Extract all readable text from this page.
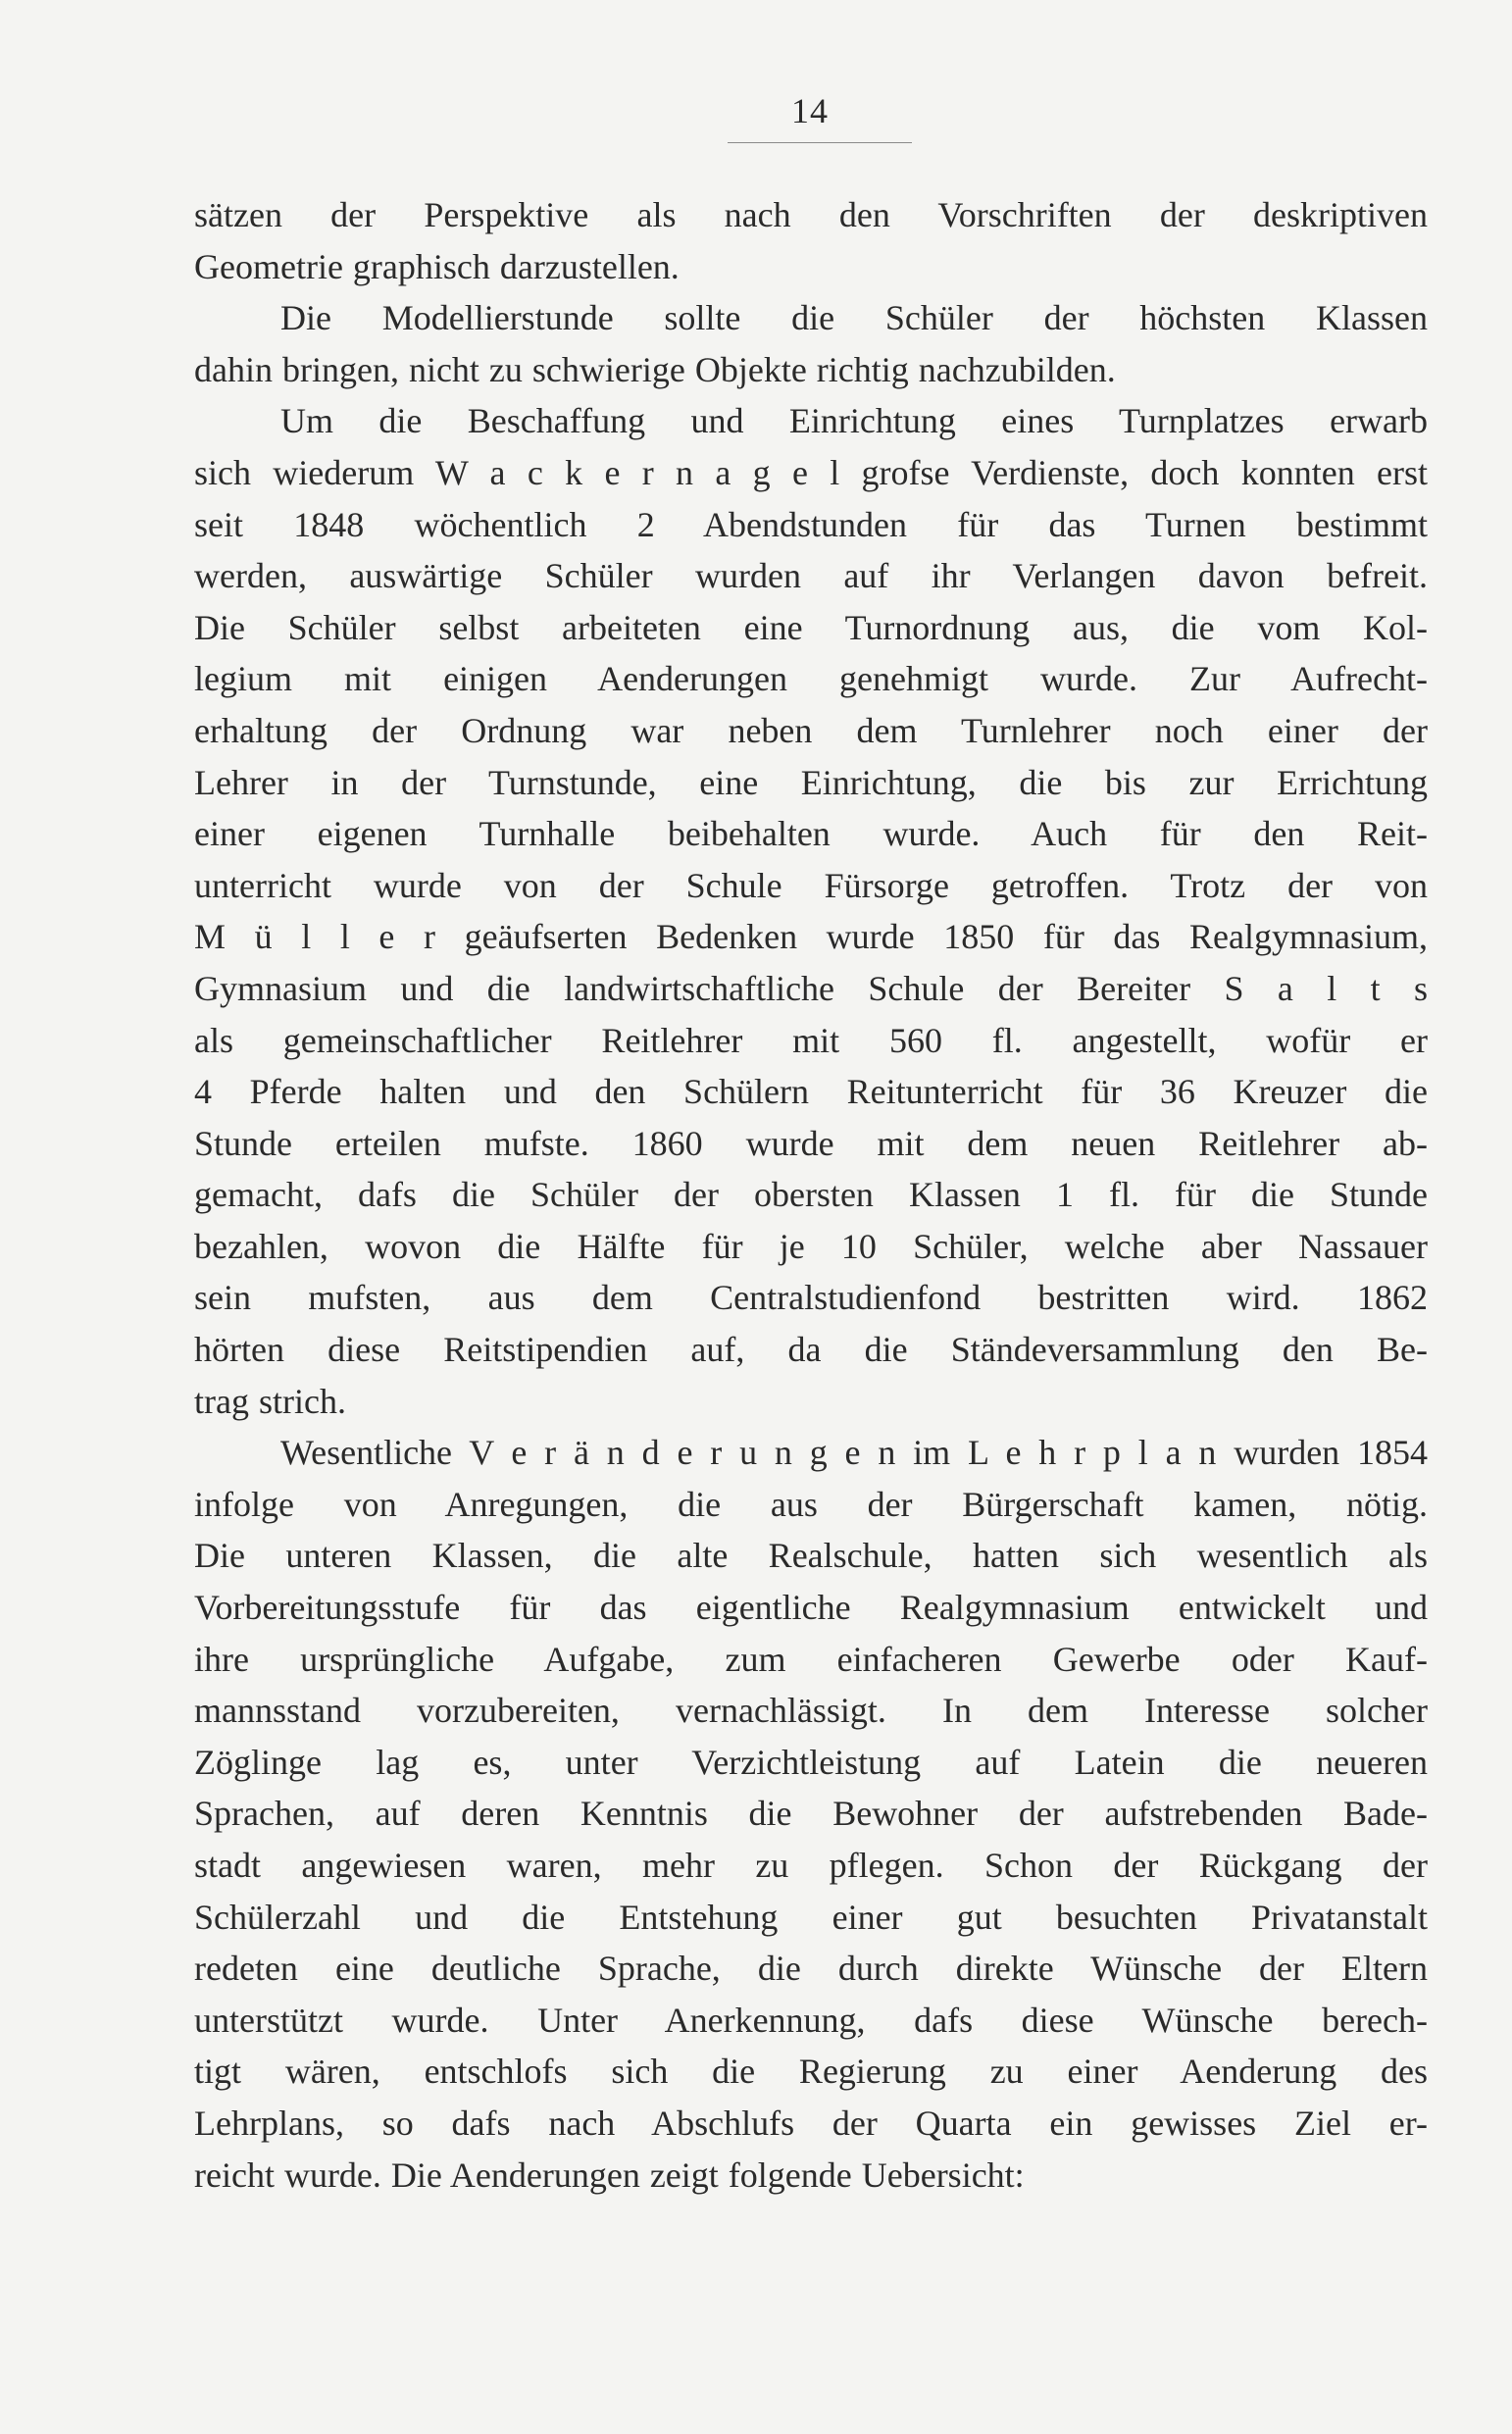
14
sätzen der Perspektive als nach den Vorschriften der deskriptiven
Geometrie graphisch darzustellen.
Die Modellierstunde sollte die Schüler der höchsten Klassen
dahin bringen, nicht zu schwierige Objekte richtig nachzubilden.
Um die Beschaffung und Einrichtung eines Turnplatzes erwarb
sich wiederum W a c k e r n a g e l grofse Verdienste, doch konnten erst
seit 1848 wöchentlich 2 Abendstunden für das Turnen bestimmt
werden, auswärtige Schüler wurden auf ihr Verlangen davon befreit.
Die Schüler selbst arbeiteten eine Turnordnung aus, die vom Kol-
legium mit einigen Aenderungen genehmigt wurde. Zur Aufrecht-
erhaltung der Ordnung war neben dem Turnlehrer noch einer der
Lehrer in der Turnstunde, eine Einrichtung, die bis zur Errichtung
einer eigenen Turnhalle beibehalten wurde. Auch für den Reit-
unterricht wurde von der Schule Fürsorge getroffen. Trotz der von
M ü l l e r geäufserten Bedenken wurde 1850 für das Realgymnasium,
Gymnasium und die landwirtschaftliche Schule der Bereiter S a l t s
als gemeinschaftlicher Reitlehrer mit 560 fl. angestellt, wofür er
4 Pferde halten und den Schülern Reitunterricht für 36 Kreuzer die
Stunde erteilen mufste. 1860 wurde mit dem neuen Reitlehrer ab-
gemacht, dafs die Schüler der obersten Klassen 1 fl. für die Stunde
bezahlen, wovon die Hälfte für je 10 Schüler, welche aber Nassauer
sein mufsten, aus dem Centralstudienfond bestritten wird. 1862
hörten diese Reitstipendien auf, da die Ständeversammlung den Be-
trag strich.
Wesentliche V e r ä n d e r u n g e n im L e h r p l a n wurden 1854
infolge von Anregungen, die aus der Bürgerschaft kamen, nötig.
Die unteren Klassen, die alte Realschule, hatten sich wesentlich als
Vorbereitungsstufe für das eigentliche Realgymnasium entwickelt und
ihre ursprüngliche Aufgabe, zum einfacheren Gewerbe oder Kauf-
mannsstand vorzubereiten, vernachlässigt. In dem Interesse solcher
Zöglinge lag es, unter Verzichtleistung auf Latein die neueren
Sprachen, auf deren Kenntnis die Bewohner der aufstrebenden Bade-
stadt angewiesen waren, mehr zu pflegen. Schon der Rückgang der
Schülerzahl und die Entstehung einer gut besuchten Privatanstalt
redeten eine deutliche Sprache, die durch direkte Wünsche der Eltern
unterstützt wurde. Unter Anerkennung, dafs diese Wünsche berech-
tigt wären, entschlofs sich die Regierung zu einer Aenderung des
Lehrplans, so dafs nach Abschlufs der Quarta ein gewisses Ziel er-
reicht wurde. Die Aenderungen zeigt folgende Uebersicht:
